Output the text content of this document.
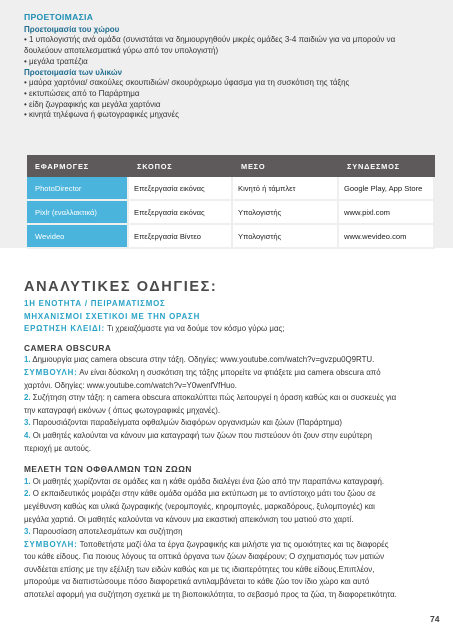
ΠΡΟΕΤΟΙΜΑΣΙΑ

Προετοιμασία του χώρου

• 1 υπολογιστής ανά ομάδα (συνιστάται να δημιουργηθούν μικρές ομάδες 3-4 παιδιών για να μπορούν να

δουλεύουν αποτελεσματικά γύρω από τον υπολογιστή)

• μεγάλα τραπέζια

Προετοιμασία των υλικών

• μαύρα χαρτόνια/ σακούλες σκουπιδιών/ σκουρόχρωμο ύφασμα για τη συσκότιση της τάξης

• εκτυπώσεις από το Παράρτημα

• είδη ζωγραφικής και μεγάλα χαρτόνια

• κινητά τηλέφωνα ή φωτογραφικές μηχανές

ΕΦΑΡΜΟΓΕΣ	ΣΚΟΠΟΣ	ΜΕΣΟ	ΣΥΝΔΕΣΜΟΣ
PhotoDirector	Επεξεργασία εικόνας	Κινητό ή τάμπλετ	Google Play, App Store
Pixlr (εναλλακτικά)	Επεξεργασία εικόνας	Υπολογιστής	www.pixl.com
Wevideo	Επεξεργασία Βίντεο	Υπολογιστής	www.wevideo.com
ΑΝΑΛΥΤΙΚΕΣ ΟΔΗΓΙΕΣ:

1Η ΕΝΟΤΗΤΑ / ΠΕΙΡΑΜΑΤΙΣΜΟΣ

ΜΗΧΑΝΙΣΜΟΙ ΣΧΕΤΙΚΟΙ ΜΕ ΤΗΝ ΟΡΑΣΗ

ΕΡΩΤΗΣΗ ΚΛΕΙΔΙ: Τι χρειαζόμαστε για να δούμε τον κόσμο γύρω μας;

CAMERA OBSCURA

1. Δημιουργία μιας camera obscura στην τάξη. Οδηγίες: www.youtube.com/watch?v=gvzpu0Q9RTU.

ΣΥΜΒΟΥΛΗ: Αν είναι δύσκολη η συσκότιση της τάξης μπορείτε να φτιάξετε μια camera obscura από

χαρτόνι. Οδηγίες: www.youtube.com/watch?v=Y0wenfVfHuo.

2. Συζήτηση στην τάξη: η camera obscura αποκαλύπτει πώς λειτουργεί η όραση καθώς και οι συσκευές για

την καταγραφή εικόνων ( όπως φωτογραφικές μηχανές).

3. Παρουσιάζονται παραδείγματα οφθαλμών διαφόρων οργανισμών και ζώων (Παράρτημα)

4. Οι μαθητές καλούνται να κάνουν μια καταγραφή των ζώων που πιστεύουν ότι ζουν στην ευρύτερη

περιοχή με αυτούς.

ΜΕΛΕΤΗ ΤΩΝ ΟΦΘΑΛΜΩΝ ΤΩΝ ΖΩΩΝ

1. Οι μαθητές χωρίζονται σε ομάδες και η κάθε ομάδα διαλέγει ένα ζώο από την παραπάνω καταγραφή.

2. Ο εκπαιδευτικός μοιράζει στην κάθε ομάδα ομάδα μια εκτύπωση με το αντίστοιχο μάτι του ζώου σε

μεγέθυνση καθώς και υλικά ζωγραφικής (νερομπογιές, κηρομπογιές, μαρκαδόρους, ξυλομπογιές) και

μεγάλα χαρτιά. Οι μαθητές καλούνται να κάνουν μια εικαστική απεικόνιση του ματιού στο χαρτί.

3. Παρουσίαση αποτελεσμάτων και συζήτηση

ΣΥΜΒΟΥΛΗ: Τοποθετήστε μαζί όλα τα έργα ζωγραφικής και μιλήστε για τις ομοιότητες και τις διαφορές

του κάθε είδους. Για ποιους λόγους τα οπτικά όργανα των ζώων διαφέρουν; Ο σχηματισμός των ματιών

συνδέεται επίσης με την εξέλιξη των ειδών καθώς και με τις ιδιαιτερότητες του κάθε είδους.Επιπλέον,

μπορούμε να διαπιστώσουμε πόσο διαφορετικά αντιλαμβάνεται το κάθε ζώο τον ίδιο χώρο και αυτό

αποτελεί αφορμή για συζήτηση σχετικά με τη βιοποικιλότητα, το σεβασμό προς τα ζώα, τη διαφορετικότητα.

74
